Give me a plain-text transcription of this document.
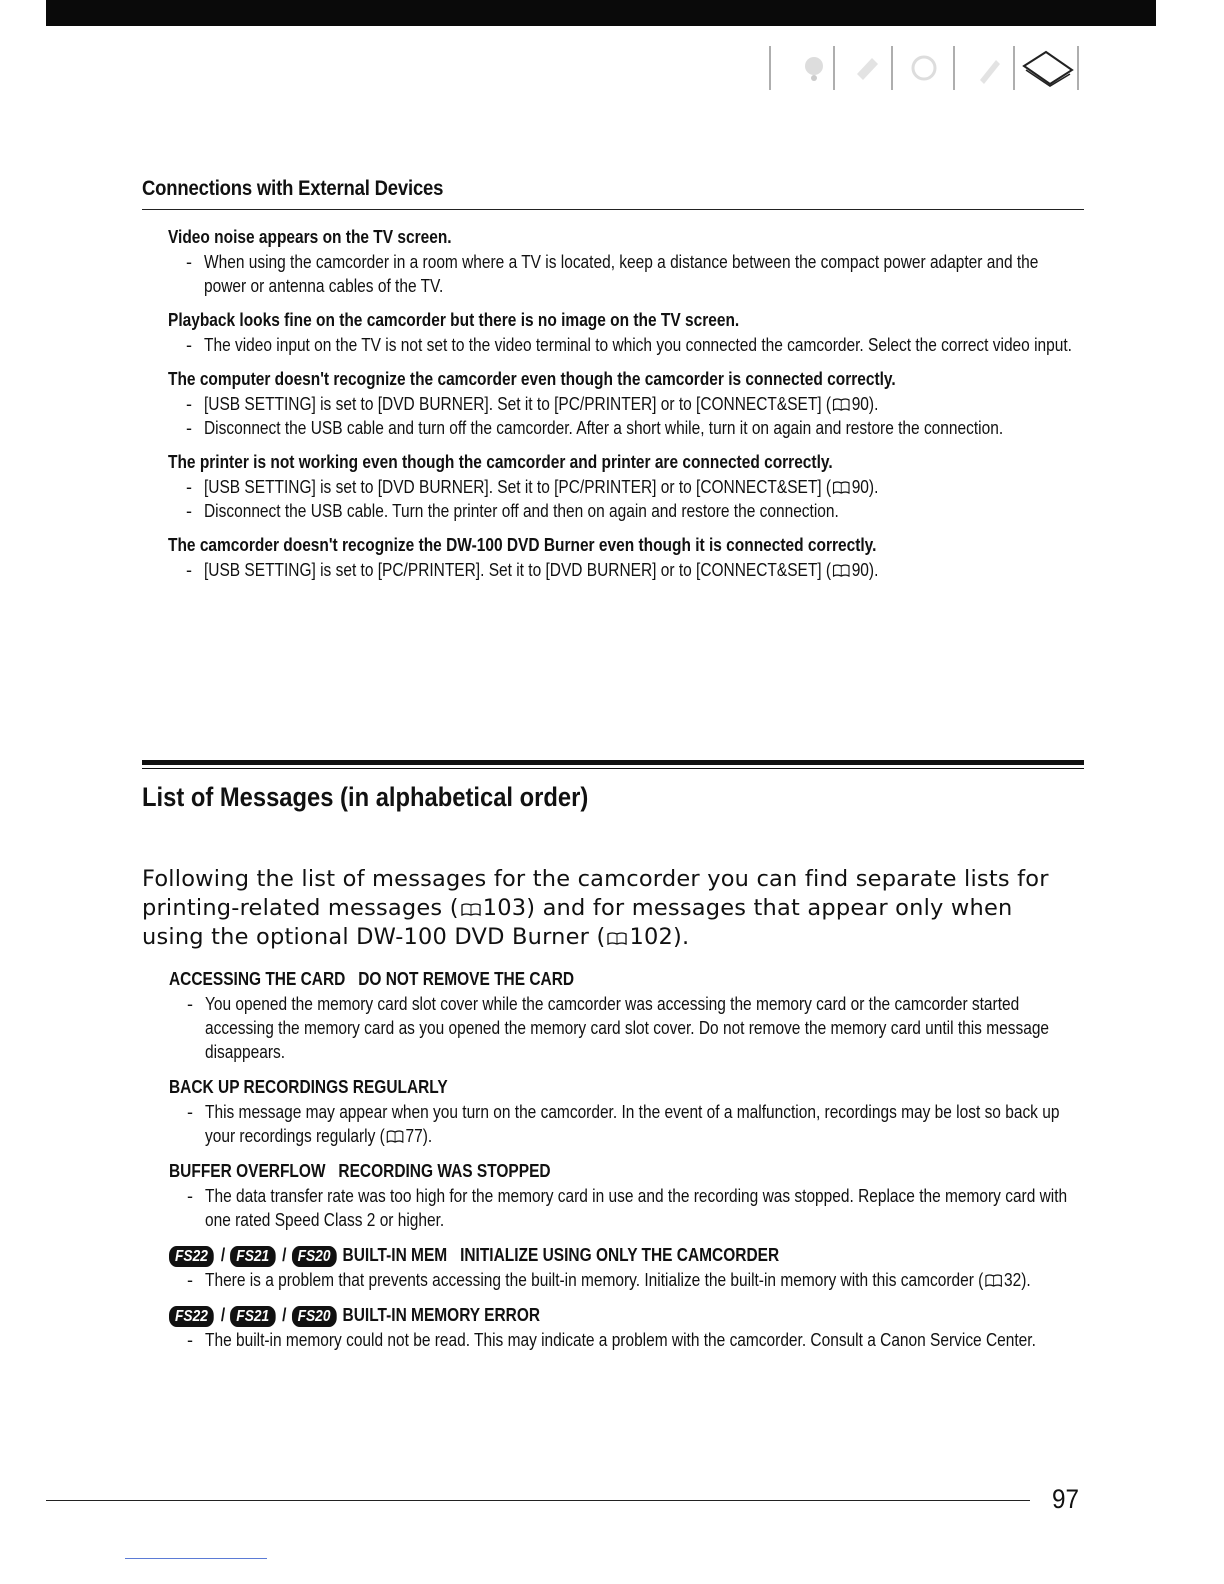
Connections with External Devices
Video noise appears on the TV screen.
- When using the camcorder in a room where a TV is located, keep a distance between the compact power adapter and the power or antenna cables of the TV.
Playback looks fine on the camcorder but there is no image on the TV screen.
- The video input on the TV is not set to the video terminal to which you connected the camcorder. Select the correct video input.
The computer doesn't recognize the camcorder even though the camcorder is connected correctly.
- [USB SETTING] is set to [DVD BURNER]. Set it to [PC/PRINTER] or to [CONNECT&SET] ( 90).
- Disconnect the USB cable and turn off the camcorder. After a short while, turn it on again and restore the connection.
The printer is not working even though the camcorder and printer are connected correctly.
- [USB SETTING] is set to [DVD BURNER]. Set it to [PC/PRINTER] or to [CONNECT&SET] ( 90).
- Disconnect the USB cable. Turn the printer off and then on again and restore the connection.
The camcorder doesn't recognize the DW-100 DVD Burner even though it is connected correctly.
- [USB SETTING] is set to [PC/PRINTER]. Set it to [DVD BURNER] or to [CONNECT&SET] ( 90).
List of Messages (in alphabetical order)
Following the list of messages for the camcorder you can find separate lists for printing-related messages ( 103) and for messages that appear only when using the optional DW-100 DVD Burner ( 102).
ACCESSING THE CARD   DO NOT REMOVE THE CARD
- You opened the memory card slot cover while the camcorder was accessing the memory card or the camcorder started accessing the memory card as you opened the memory card slot cover. Do not remove the memory card until this message disappears.
BACK UP RECORDINGS REGULARLY
- This message may appear when you turn on the camcorder. In the event of a malfunction, recordings may be lost so back up your recordings regularly ( 77).
BUFFER OVERFLOW   RECORDING WAS STOPPED
- The data transfer rate was too high for the memory card in use and the recording was stopped. Replace the memory card with one rated Speed Class 2 or higher.
FS22 / FS21 / FS20 BUILT-IN MEM   INITIALIZE USING ONLY THE CAMCORDER
- There is a problem that prevents accessing the built-in memory. Initialize the built-in memory with this camcorder ( 32).
FS22 / FS21 / FS20 BUILT-IN MEMORY ERROR
- The built-in memory could not be read. This may indicate a problem with the camcorder. Consult a Canon Service Center.
97
